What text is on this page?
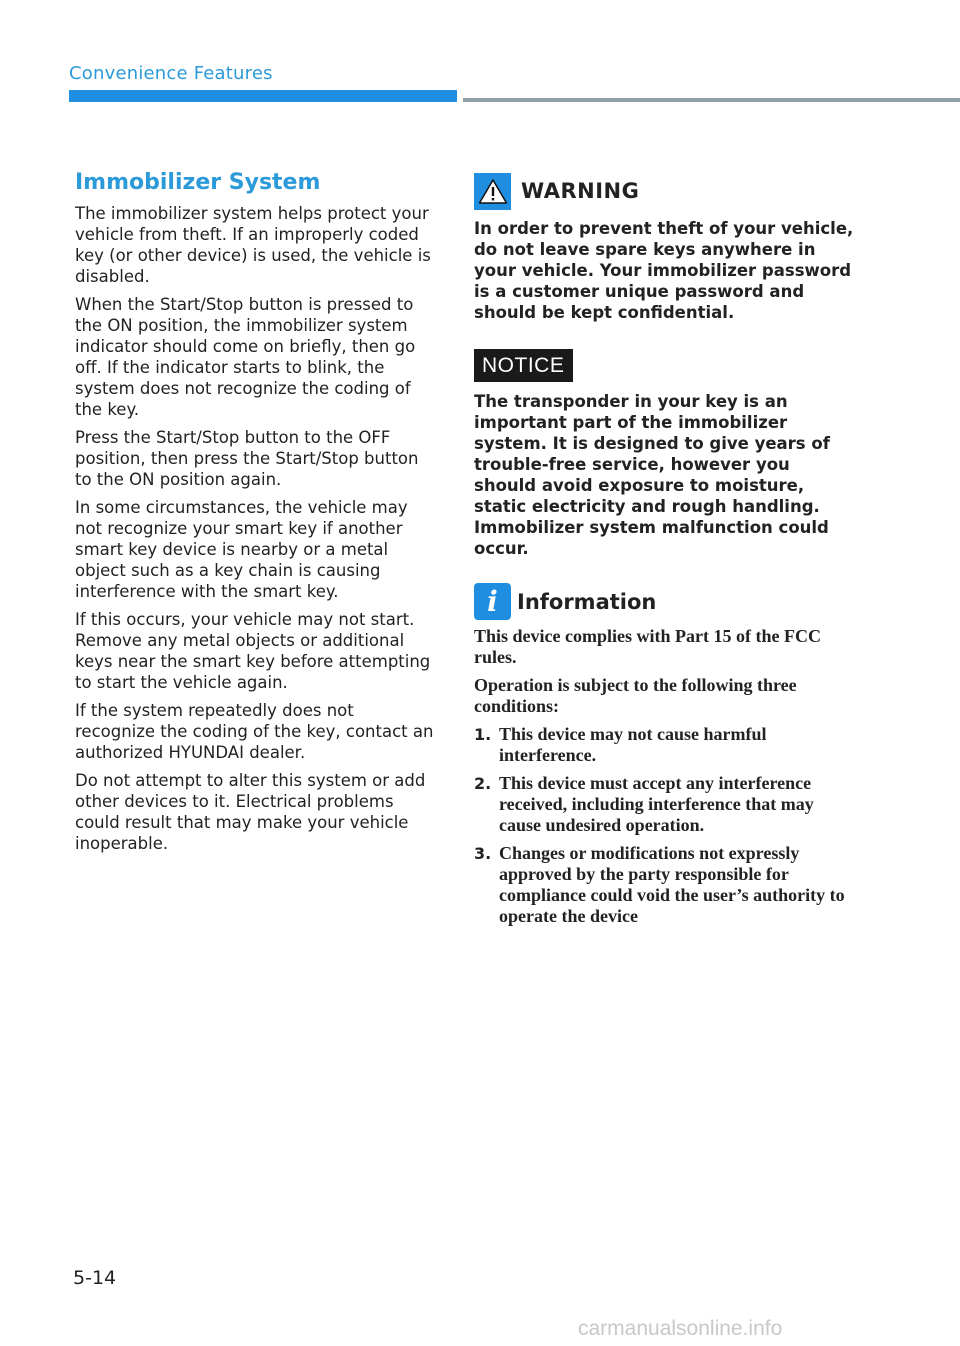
Convenience Features
Immobilizer System

The immobilizer system helps protect your vehicle from theft. If an improperly coded key (or other device) is used, the vehicle is disabled.

When the Start/Stop button is pressed to the ON position, the immobilizer system indicator should come on briefly, then go off. If the indicator starts to blink, the system does not recognize the coding of the key.

Press the Start/Stop button to the OFF position, then press the Start/Stop button to the ON position again.

In some circumstances, the vehicle may not recognize your smart key if another smart key device is nearby or a metal object such as a key chain is causing interference with the smart key.

If this occurs, your vehicle may not start. Remove any metal objects or additional keys near the smart key before attempting to start the vehicle again.

If the system repeatedly does not recognize the coding of the key, contact an authorized HYUNDAI dealer.

Do not attempt to alter this system or add other devices to it. Electrical problems could result that may make your vehicle inoperable.

WARNING

In order to prevent theft of your vehicle, do not leave spare keys anywhere in your vehicle. Your immobilizer password is a customer unique password and should be kept confidential.

NOTICE

The transponder in your key is an important part of the immobilizer system. It is designed to give years of trouble-free service, however you should avoid exposure to moisture, static electricity and rough handling. Immobilizer system malfunction could occur.

i Information

This device complies with Part 15 of the FCC rules.

Operation is subject to the following three conditions:

1. This device may not cause harmful interference.
2. This device must accept any interference received, including interference that may cause undesired operation.
3. Changes or modifications not expressly approved by the party responsible for compliance could void the user’s authority to operate the device
5-14
carmanualsonline.info
